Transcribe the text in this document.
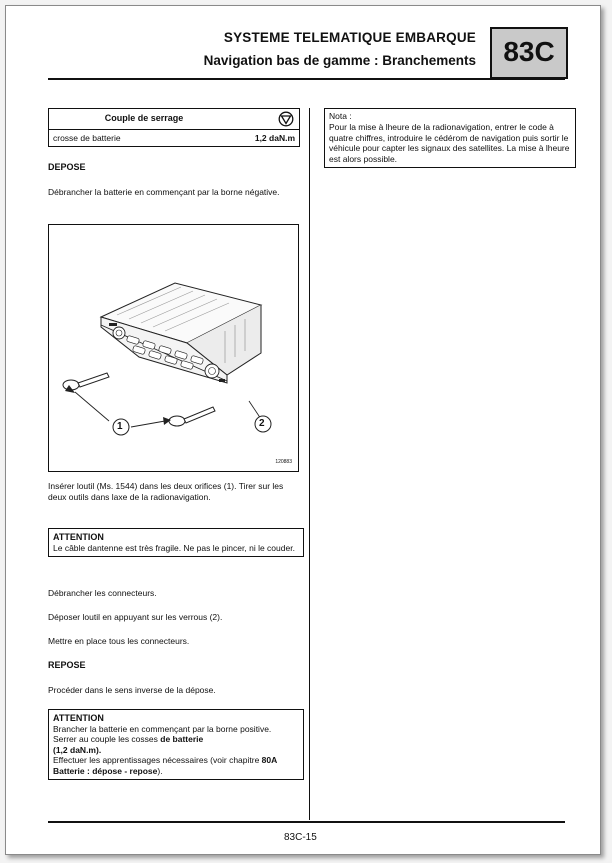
SYSTEME TELEMATIQUE EMBARQUE
Navigation bas de gamme : Branchements 83C
Couple de serrage
crosse de batterie	1,2 daN.m
DEPOSE
Débrancher la batterie en commençant par la borne négative.
1	2
120883
Insérer loutil (Ms. 1544) dans les deux orifices (1). Tirer sur les deux outils dans laxe de la radionavigation.
ATTENTION
Le câble dantenne est très fragile. Ne pas le pincer, ni le couder.
Débrancher les connecteurs.
Déposer loutil en appuyant sur les verrous (2).
Mettre en place tous les connecteurs.
REPOSE
Procéder dans le sens inverse de la dépose.
ATTENTION
Brancher la batterie en commençant par la borne positive.
Serrer au couple les cosses de batterie
(1,2 daN.m).
Effectuer les apprentissages nécessaires (voir chapitre 80A Batterie : dépose - repose).
Nota :
Pour la mise à lheure de la radionavigation, entrer le code à quatre chiffres, introduire le cédérom de navigation puis sortir le véhicule pour capter les signaux des satellites. La mise à lheure est alors possible.
83C-15
